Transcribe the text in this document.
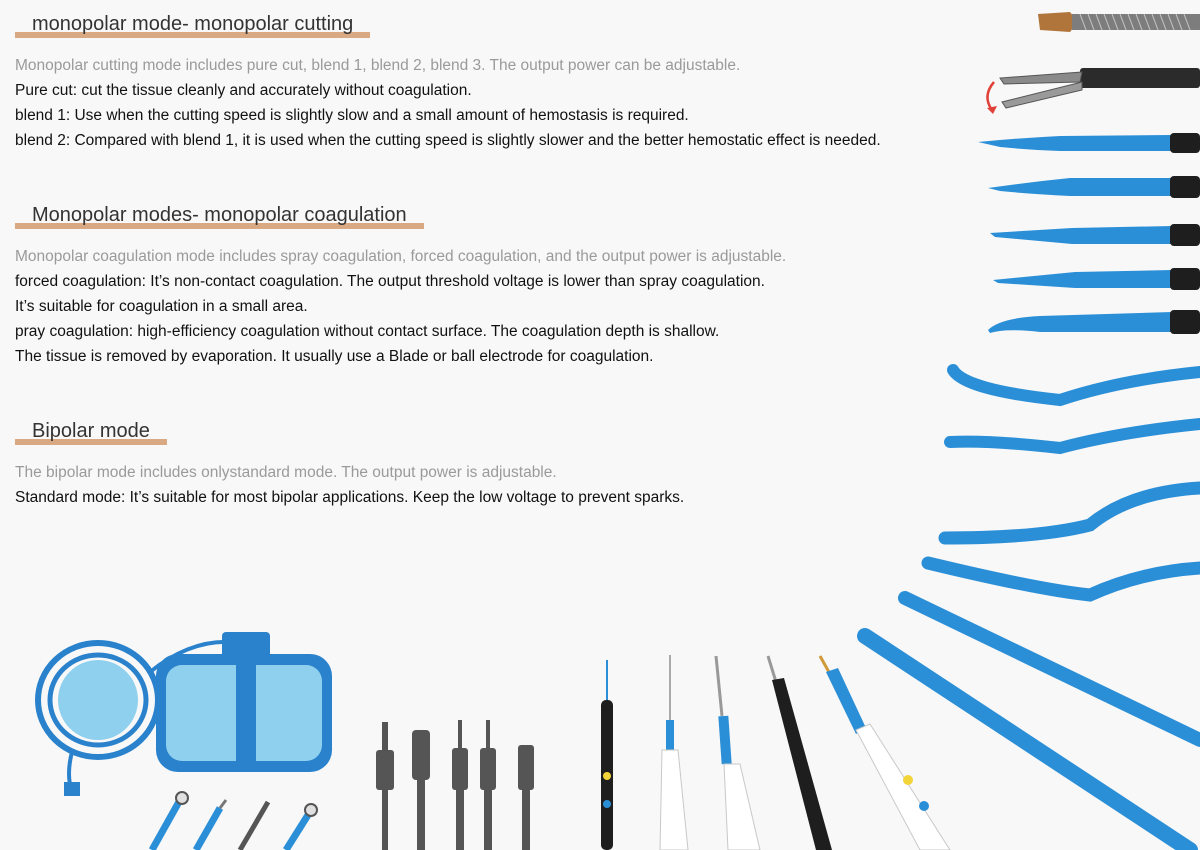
monopolar mode- monopolar cutting
Monopolar cutting mode includes pure cut, blend 1, blend 2, blend 3. The output power can be adjustable.
Pure cut: cut the tissue cleanly and accurately without coagulation.
blend 1: Use when the cutting speed is slightly slow and a small amount of hemostasis is required.
blend 2: Compared with blend 1, it is used when the cutting speed is slightly slower and the better hemostatic effect is needed.
Monopolar modes- monopolar coagulation
Monopolar coagulation mode includes spray coagulation, forced coagulation, and the output power is adjustable.
forced coagulation: It’s non-contact coagulation. The output threshold voltage is lower than spray coagulation.
It’s suitable for coagulation in a small area.
pray coagulation: high-efficiency coagulation without contact surface. The coagulation depth is shallow.
The tissue is removed by evaporation. It usually use a Blade or ball electrode for coagulation.
Bipolar mode
The bipolar mode includes onlystandard mode. The output power is adjustable.
Standard mode: It’s suitable for most bipolar applications. Keep the low voltage to prevent sparks.
